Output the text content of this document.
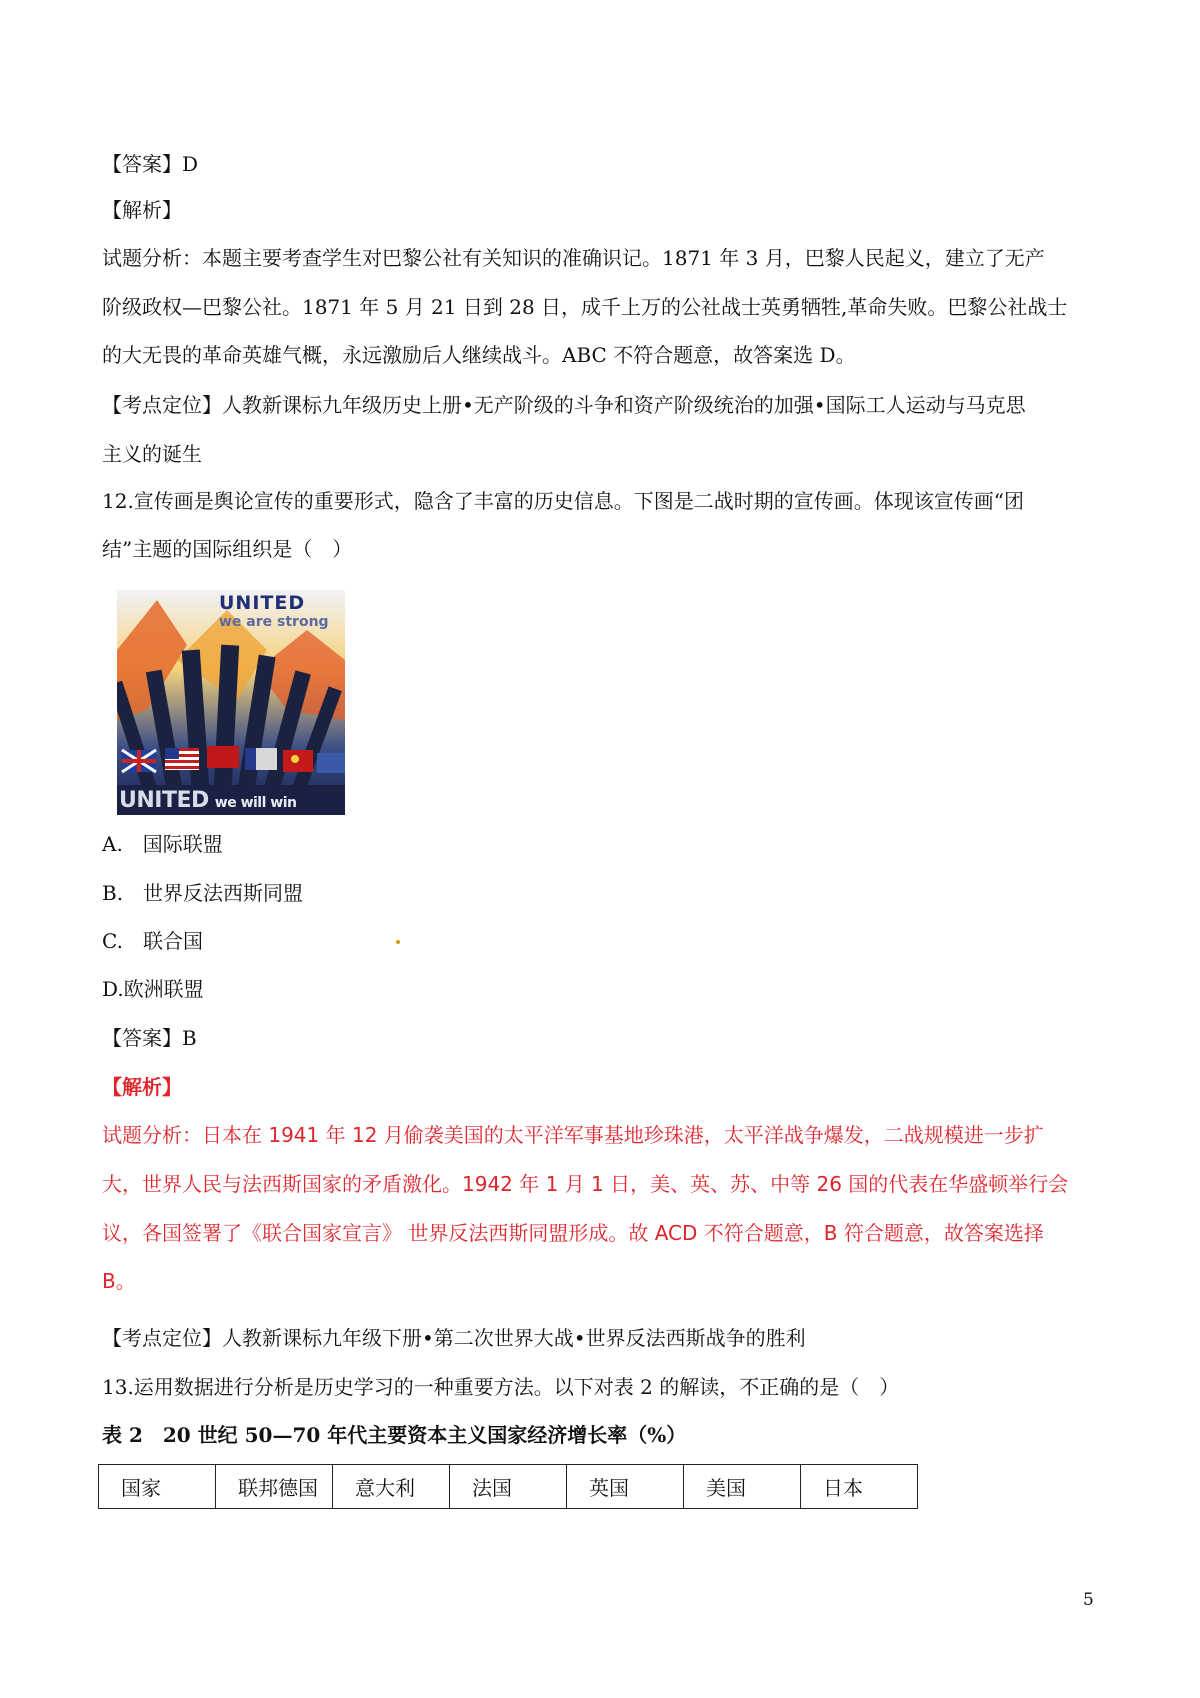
【答案】D
【解析】
试题分析：本题主要考查学生对巴黎公社有关知识的准确识记。1871 年 3 月，巴黎人民起义，建立了无产
阶级政权—巴黎公社。1871 年 5 月 21 日到 28 日，成千上万的公社战士英勇牺牲,革命失败。巴黎公社战士
的大无畏的革命英雄气概，永远激励后人继续战斗。ABC 不符合题意，故答案选 D。
【考点定位】人教新课标九年级历史上册•无产阶级的斗争和资产阶级统治的加强•国际工人运动与马克思
主义的诞生
12.宣传画是舆论宣传的重要形式，隐含了丰富的历史信息。下图是二战时期的宣传画。体现该宣传画“团
结”主题的国际组织是（　）
UNITED
we are strong
UNITED we will win
A.　国际联盟
B.　世界反法西斯同盟
C.　联合国
D.欧洲联盟
【答案】B
【解析】
试题分析：日本在 1941 年 12 月偷袭美国的太平洋军事基地珍珠港，太平洋战争爆发，二战规模进一步扩
大，世界人民与法西斯国家的矛盾激化。1942 年 1 月 1 日，美、英、苏、中等 26 国的代表在华盛顿举行会
议，各国签署了《联合国家宣言》 世界反法西斯同盟形成。故 ACD 不符合题意，B 符合题意，故答案选择
B。
【考点定位】人教新课标九年级下册•第二次世界大战•世界反法西斯战争的胜利
13.运用数据进行分析是历史学习的一种重要方法。以下对表 2 的解读，不正确的是（　）
表 2　20 世纪 50—70 年代主要资本主义国家经济增长率（%）
国家	联邦德国	意大利	法国	英国	美国	日本
5
